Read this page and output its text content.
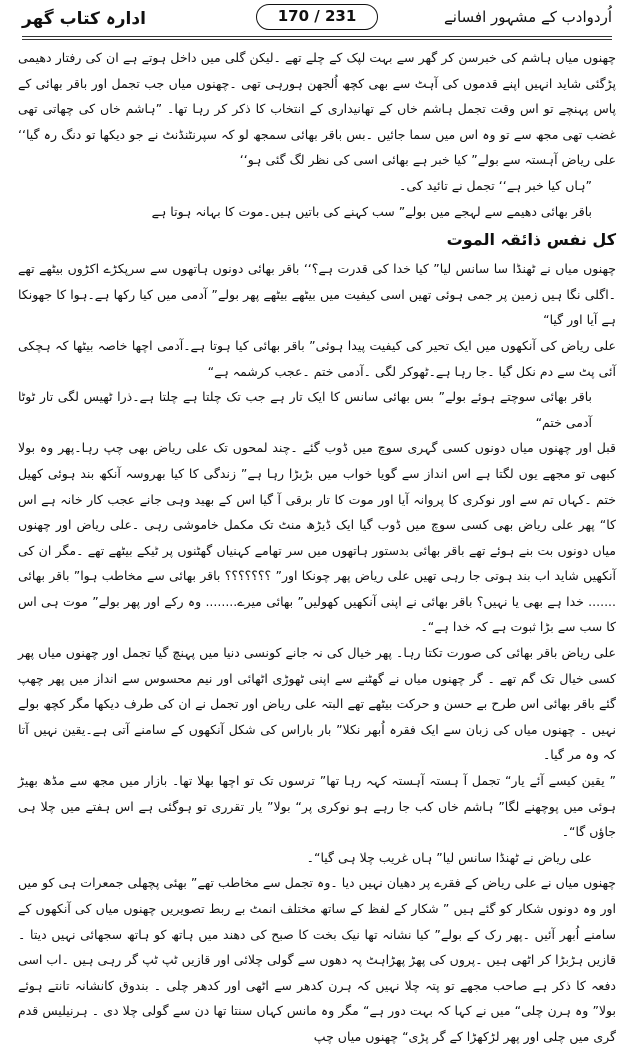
ادارہ کتاب گھر	170 / 231	اُردوادب کے مشہور افسانے

چھنوں میاں ہاشم کی خبرسن کر گھر سے بہت لپک کے چلے تھے ۔لیکن گلی میں داخل ہوتے ہے ان کی رفتار دھیمی پڑگئی شاید انہیں اپنے قدموں کی آہٹ سے بھی کچھ اُلجھن ہورہی تھی ۔چھنوں میاں جب تجمل اور باقر بھائی کے پاس پہنچے تو اس وقت تجمل ہاشم خاں کے تھانیداری کے انتخاب کا ذکر کر رہا تھا۔ ”ہاشم خاں کی چھاتی تھی غضب تھی مجھ سے تو وہ اس میں سما جائیں ۔بس باقر بھائی سمجھ لو کہ سپرنٹنڈنٹ نے جو دیکھا تو دنگ رہ گیا‘‘ علی ریاض آہستہ سے بولے” کیا خبر ہے بھائی اسی کی نظر لگ گئی ہو‘‘

”ہاں کیا خبر ہے‘‘ تجمل نے تائید کی۔

باقر بھائی دھیمے سے لہجے میں بولے” سب کہنے کی باتیں ہیں۔موت کا بہانہ ہوتا ہے

کل نفس ذائقہ الموت

چھنوں میاں نے ٹھنڈا سا سانس لیا” کیا خدا کی قدرت ہے؟‘‘ باقر بھائی دونوں ہاتھوں سے سرپکڑے اکڑوں بیٹھے تھے ۔اگلی نگا ہیں زمین پر جمی ہوئی تھیں اسی کیفیت میں بیٹھے بیٹھے پھر بولے” آدمی میں کیا رکھا ہے۔ہوا کا جھونکا ہے آیا اور گیا“

علی ریاض کی آنکھوں میں ایک تحیر کی کیفیت پیدا ہوئی” باقر بھائی کیا ہوتا ہے۔آدمی اچھا خاصہ بیٹھا کہ ہچکی آئی پٹ سے دم نکل گیا ۔جا رہا ہے۔ٹھوکر لگی ۔آدمی ختم ۔عجب کرشمہ ہے“

باقر بھائی سوچتے ہوئے بولے” بس بھائی سانس کا ایک تار ہے جب تک چلتا ہے چلتا ہے۔ذرا ٹھیس لگی تار ٹوٹا آدمی ختم“

قبل اور چھنوں میاں دونوں کسی گہری سوچ میں ڈوب گئے ۔چند لمحوں تک علی ریاض بھی چپ رہا۔پھر وہ بولا کبھی تو مجھے یوں لگتا ہے اس انداز سے گویا خواب میں بڑبڑا رہا ہے” زندگی کا کیا بھروسہ آنکھ بند ہوئی کھیل ختم ۔کہاں تم سے اور نوکری کا پروانہ آیا اور موت کا تار برقی آ گیا اس کے بھید وہی جانے عجب کار خانہ ہے اس کا“ پھر علی ریاض بھی کسی سوچ میں ڈوب گیا ایک ڈیڑھ منٹ تک مکمل خاموشی رہی ۔علی ریاض اور چھنوں میاں دونوں بت بنے ہوئے تھے باقر بھائی بدستور ہاتھوں میں سر تھامے کہنیاں گھٹنوں پر ٹیکے بیٹھے تھے ۔مگر ان کی آنکھیں شاید اب بند ہوتی جا رہی تھیں علی ریاض پھر چونکا اور” ؟؟؟؟؟؟؟ باقر بھائی سے مخاطب ہوا” باقر بھائی ....... خدا ہے بھی یا نہیں؟ باقر بھائی نے اپنی آنکھیں کھولیں” بھائی میرے........ وہ رکے اور پھر بولے” موت ہی اس کا سب سے بڑا ثبوت ہے کہ خدا ہے“۔

علی ریاض باقر بھائی کی صورت تکتا رہا۔ پھر خیال کی نہ جانے کونسی دنیا میں پہنچ گیا تجمل اور چھنوں میاں پھر کسی خیال تک گم تھے ۔ گر چھنوں میاں نے گھٹنے سے اپنی ٹھوڑی اٹھائی اور نیم محسوس سے انداز میں پھر چھپ گئے باقر بھائی اس طرح بے حسن و حرکت بیٹھے تھے البتہ علی ریاض اور تجمل نے ان کی طرف دیکھا مگر کچھ بولے نہیں ۔ چھنوں میاں کی زبان سے ایک فقرہ اُبھر نکلا” بار باراس کی شکل آنکھوں کے سامنے آتی ہے۔یقین نہیں آتا کہ وہ مر گیا۔

” یقین کیسے آئے یار“ تجمل آ ہستہ آہستہ کہہ رہا تھا” ترسوں تک تو اچھا بھلا تھا۔ بازار میں مجھ سے مڈھ بھیڑ ہوئی میں پوچھنے لگا” ہاشم خاں کب جا رہے ہو نوکری پر“ بولا” یار تقرری تو ہوگئی ہے اس ہفتے میں چلا ہی جاؤں گا“۔

علی ریاض نے ٹھنڈا سانس لیا” ہاں غریب چلا ہی گیا“۔

چھنوں میاں نے علی ریاض کے فقرے پر دھیان نہیں دیا ۔وہ تجمل سے مخاطب تھے” بھئی پچھلی جمعرات ہی کو میں اور وہ دونوں شکار کو گئے ہیں ” شکار کے لفظ کے ساتھ مختلف انمٹ بے ربط تصویریں چھنوں میاں کی آنکھوں کے سامنے اُبھر آئیں ۔پھر رک کے بولے” کیا نشانہ تھا نیک بخت کا صبح کی دھند میں ہاتھ کو ہاتھ سجھائی نہیں دیتا ۔قازیں ہڑبڑا کر اٹھی ہیں ۔پروں کی پھڑ پھڑاہٹ پہ دھوں سے گولی چلائی اور قازیں ٹپ ٹپ گر رہی ہیں ۔اب اسی دفعہ کا ذکر ہے صاحب مجھے تو پتہ چلا نہیں کہ ہرن کدھر سے اٹھی اور کدھر چلی ۔ بندوق کانشانہ تانتے ہوئے بولا” وہ ہرن چلی“ میں نے کہا کہ بہت دور ہے“ مگر وہ مانس کہاں سنتا تھا دن سے گولی چلا دی ۔ ہرنیلیس قدم گری میں چلی اور پھر لڑکھڑا کے گر پڑی“ چھنوں میاں چپ
